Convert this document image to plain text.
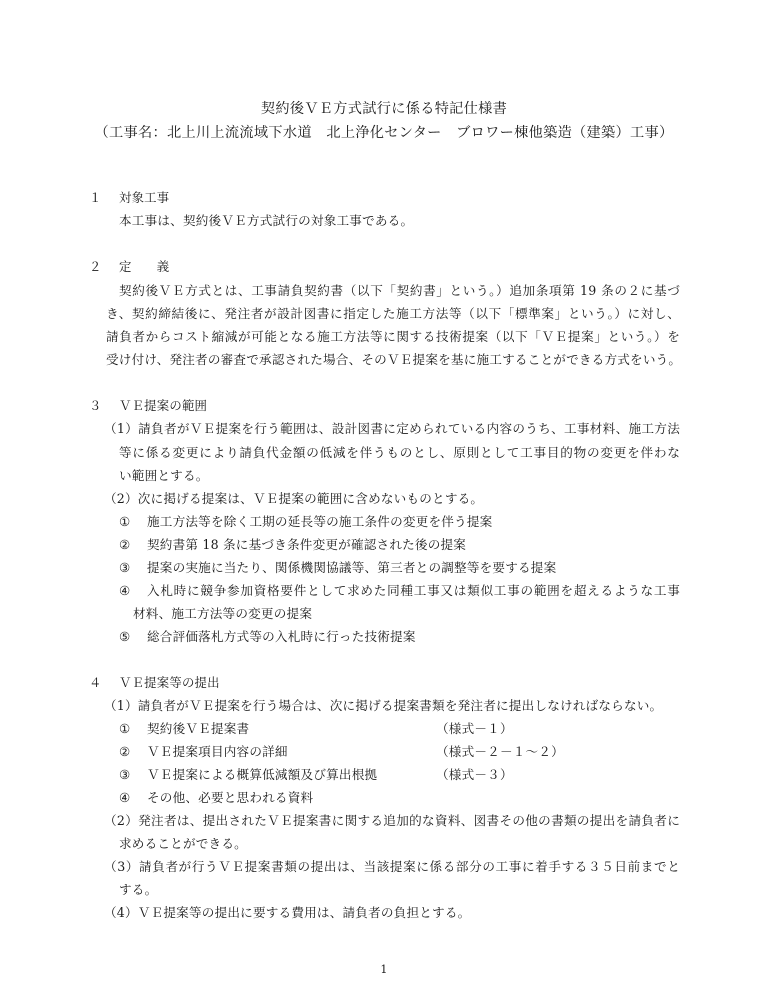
契約後ＶＥ方式試行に係る特記仕様書
（工事名：北上川上流流域下水道　北上浄化センター　ブロワー棟他築造（建築）工事）
１ 対象工事
本工事は、契約後ＶＥ方式試行の対象工事である。
２ 定　　義
契約後ＶＥ方式とは、工事請負契約書（以下「契約書」という。）追加条項第 19 条の２に基づ
き、契約締結後に、発注者が設計図書に指定した施工方法等（以下「標準案」という。）に対し、
請負者からコスト縮減が可能となる施工方法等に関する技術提案（以下「ＶＥ提案」という。）を
受け付け、発注者の審査で承認された場合、そのＶＥ提案を基に施工することができる方式をいう。
３ ＶＥ提案の範囲
（1）請負者がＶＥ提案を行う範囲は、設計図書に定められている内容のうち、工事材料、施工方法
等に係る変更により請負代金額の低減を伴うものとし、原則として工事目的物の変更を伴わな
い範囲とする。
（2）次に掲げる提案は、ＶＥ提案の範囲に含めないものとする。
① 施工方法等を除く工期の延長等の施工条件の変更を伴う提案
② 契約書第 18 条に基づき条件変更が確認された後の提案
③ 提案の実施に当たり、関係機関協議等、第三者との調整等を要する提案
④ 入札時に競争参加資格要件として求めた同種工事又は類似工事の範囲を超えるような工事
材料、施工方法等の変更の提案
⑤ 総合評価落札方式等の入札時に行った技術提案
４ ＶＥ提案等の提出
（1）請負者がＶＥ提案を行う場合は、次に掲げる提案書類を発注者に提出しなければならない。
① 契約後ＶＥ提案書	（様式－１）
② ＶＥ提案項目内容の詳細	（様式－２－１～２）
③ ＶＥ提案による概算低減額及び算出根拠	（様式－３）
④ その他、必要と思われる資料
（2）発注者は、提出されたＶＥ提案書に関する追加的な資料、図書その他の書類の提出を請負者に
求めることができる。
（3）請負者が行うＶＥ提案書類の提出は、当該提案に係る部分の工事に着手する３５日前までと
する。
（4）ＶＥ提案等の提出に要する費用は、請負者の負担とする。
1
